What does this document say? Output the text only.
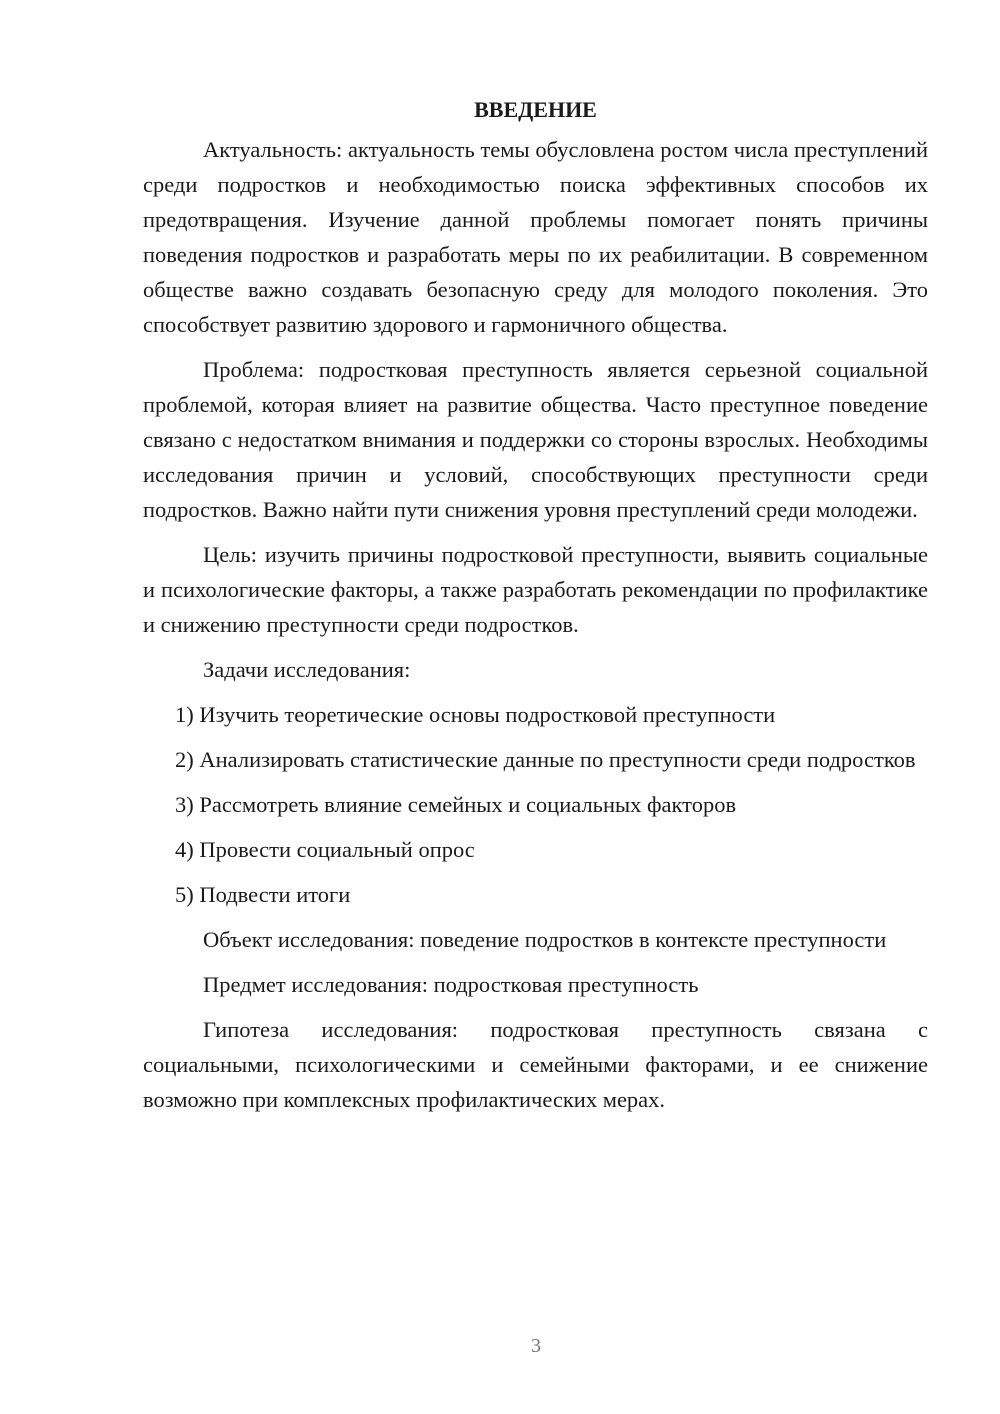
ВВЕДЕНИЕ

Актуальность: актуальность темы обусловлена ростом числа преступлений среди подростков и необходимостью поиска эффективных способов их предотвращения. Изучение данной проблемы помогает понять причины поведения подростков и разработать меры по их реабилитации. В современном обществе важно создавать безопасную среду для молодого поколения. Это способствует развитию здорового и гармоничного общества.

Проблема: подростковая преступность является серьезной социальной проблемой, которая влияет на развитие общества. Часто преступное поведение связано с недостатком внимания и поддержки со стороны взрослых. Необходимы исследования причин и условий, способствующих преступности среди подростков. Важно найти пути снижения уровня преступлений среди молодежи.

Цель: изучить причины подростковой преступности, выявить социальные и психологические факторы, а также разработать рекомендации по профилактике и снижению преступности среди подростков.

Задачи исследования:

1) Изучить теоретические основы подростковой преступности

2) Анализировать статистические данные по преступности среди подростков

3) Рассмотреть влияние семейных и социальных факторов

4) Провести социальный опрос

5) Подвести итоги

Объект исследования: поведение подростков в контексте преступности

Предмет исследования: подростковая преступность

Гипотеза исследования: подростковая преступность связана с социальными, психологическими и семейными факторами, и ее снижение возможно при комплексных профилактических мерах.

3
